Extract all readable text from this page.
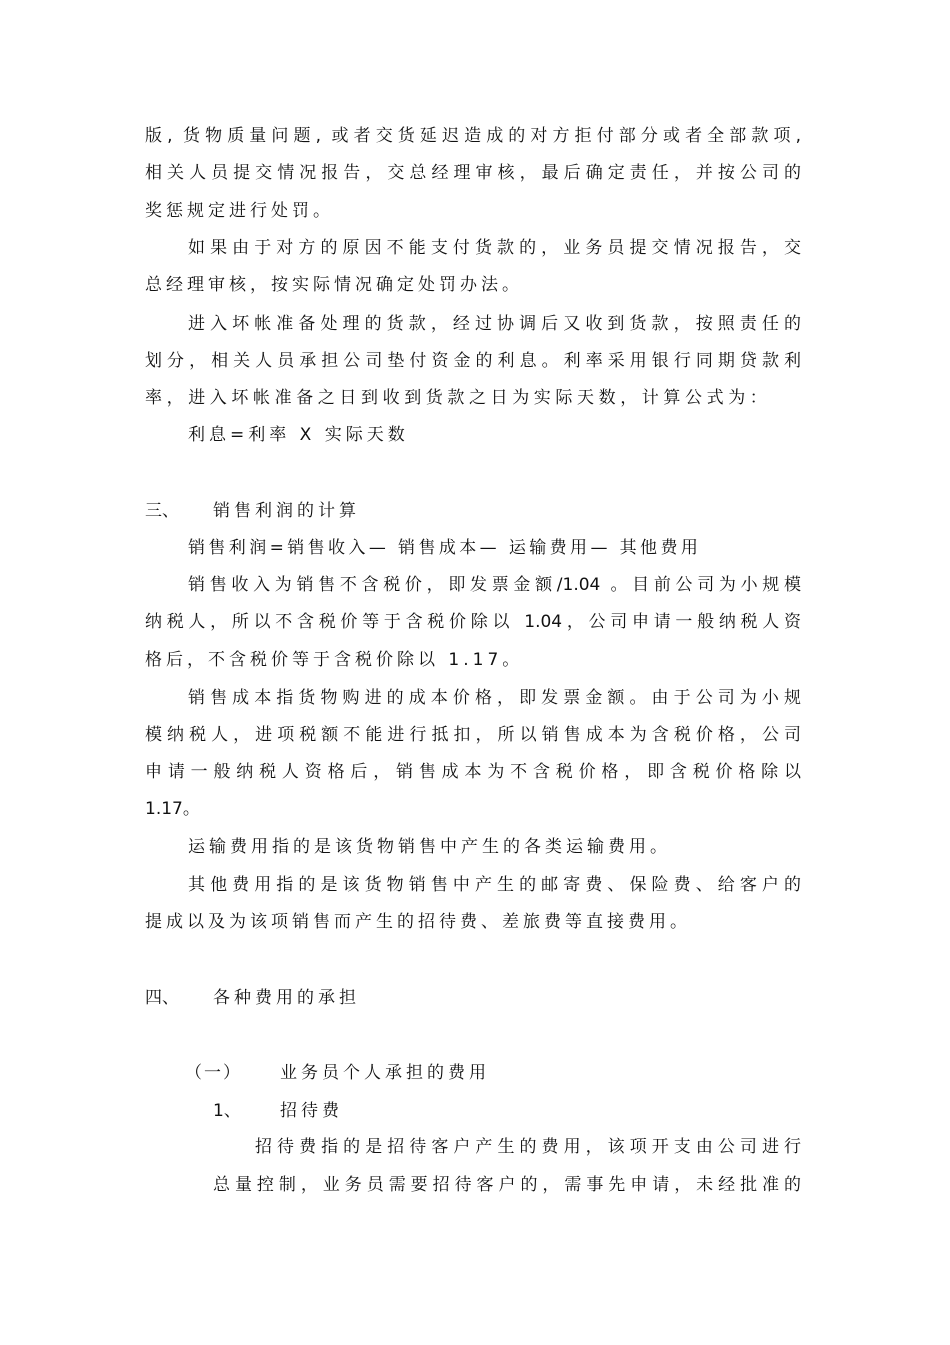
版, 货物质量问题, 或者交货延迟造成的对方拒付部分或者全部款项,
相关人员提交情况报告，交总经理审核，最后确定责任，并按公司的
奖惩规定进行处罚。
如果由于对方的原因不能支付货款的，业务员提交情况报告，交
总经理审核，按实际情况确定处罚办法。
进入坏帐准备处理的货款，经过协调后又收到货款，按照责任的
划分，相关人员承担公司垫付资金的利息。利率采用银行同期贷款利
率，进入坏帐准备之日到收到货款之日为实际天数，计算公式为：
利息=利率 X 实际天数
三、 销售利润的计算
销售利润=销售收入— 销售成本— 运输费用— 其他费用
销售收入为销售不含税价，即发票金额/1.04 。目前公司为小规模
纳税人，所以不含税价等于含税价除以 1.04，公司申请一般纳税人资
格后，不含税价等于含税价除以 1.17。
销售成本指货物购进的成本价格，即发票金额。由于公司为小规
模纳税人，进项税额不能进行抵扣，所以销售成本为含税价格，公司
申请一般纳税人资格后，销售成本为不含税价格，即含税价格除以
1.17。
运输费用指的是该货物销售中产生的各类运输费用。
其他费用指的是该货物销售中产生的邮寄费、保险费、给客户的
提成以及为该项销售而产生的招待费、差旅费等直接费用。
四、 各种费用的承担
（一） 业务员个人承担的费用
1、 招待费
招待费指的是招待客户产生的费用，该项开支由公司进行
总量控制，业务员需要招待客户的，需事先申请，未经批准的
